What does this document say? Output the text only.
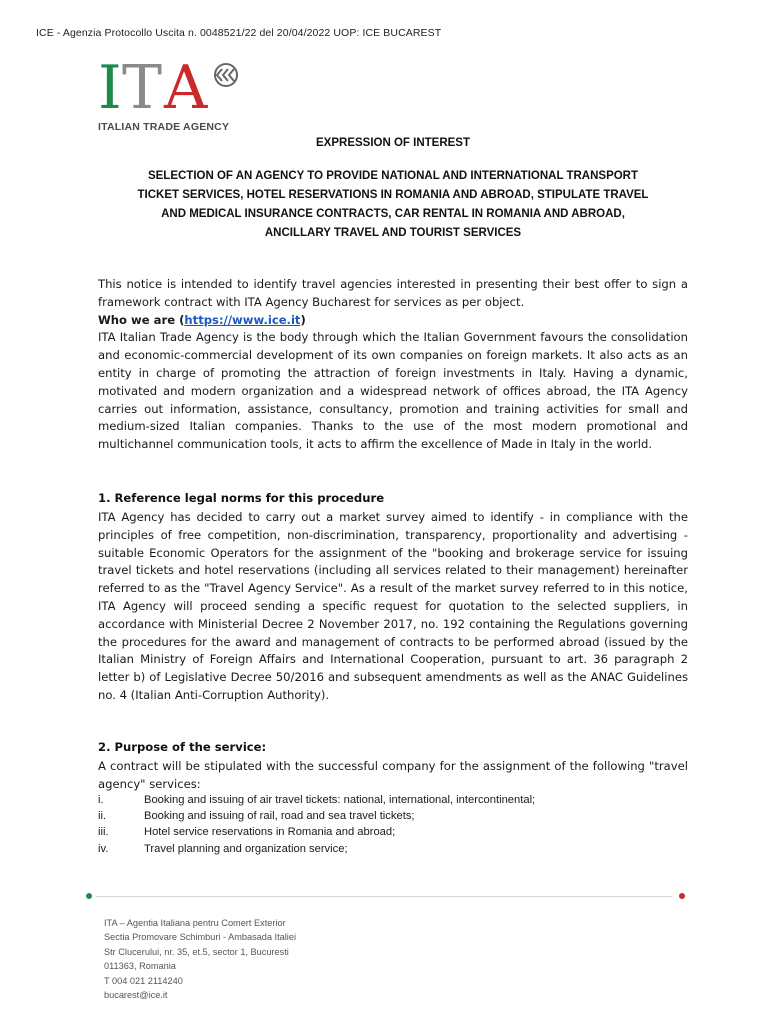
ICE - Agenzia Protocollo Uscita n. 0048521/22 del 20/04/2022 UOP: ICE BUCAREST
I T A
ITALIAN TRADE AGENCY
EXPRESSION OF INTEREST
SELECTION OF AN AGENCY TO PROVIDE NATIONAL AND INTERNATIONAL TRANSPORT
TICKET SERVICES, HOTEL RESERVATIONS IN ROMANIA AND ABROAD, STIPULATE TRAVEL
AND MEDICAL INSURANCE CONTRACTS, CAR RENTAL IN ROMANIA AND ABROAD,
ANCILLARY TRAVEL AND TOURIST SERVICES
This notice is intended to identify travel agencies interested in presenting their best offer to sign a framework contract with ITA Agency Bucharest for services as per object.
Who we are (https://www.ice.it)
ITA Italian Trade Agency is the body through which the Italian Government favours the consolidation and economic-commercial development of its own companies on foreign markets. It also acts as an entity in charge of promoting the attraction of foreign investments in Italy. Having a dynamic, motivated and modern organization and a widespread network of offices abroad, the ITA Agency carries out information, assistance, consultancy, promotion and training activities for small and medium-sized Italian companies. Thanks to the use of the most modern promotional and multichannel communication tools, it acts to affirm the excellence of Made in Italy in the world.
1. Reference legal norms for this procedure
ITA Agency has decided to carry out a market survey aimed to identify - in compliance with the principles of free competition, non-discrimination, transparency, proportionality and advertising - suitable Economic Operators for the assignment of the "booking and brokerage service for issuing travel tickets and hotel reservations (including all services related to their management) hereinafter referred to as the "Travel Agency Service". As a result of the market survey referred to in this notice, ITA Agency will proceed sending a specific request for quotation to the selected suppliers, in accordance with Ministerial Decree 2 November 2017, no. 192 containing the Regulations governing the procedures for the award and management of contracts to be performed abroad (issued by the Italian Ministry of Foreign Affairs and International Cooperation, pursuant to art. 36 paragraph 2 letter b) of Legislative Decree 50/2016 and subsequent amendments as well as the ANAC Guidelines no. 4 (Italian Anti-Corruption Authority).
2. Purpose of the service:
A contract will be stipulated with the successful company for the assignment of the following "travel agency" services:
i.	Booking and issuing of air travel tickets: national, international, intercontinental;
ii.	Booking and issuing of rail, road and sea travel tickets;
iii.	Hotel service reservations in Romania and abroad;
iv.	Travel planning and organization service;
ITA – Agentia Italiana pentru Comert Exterior
Sectia Promovare Schimburi - Ambasada Italiei
Str Clucerului, nr. 35, et.5, sector 1, Bucuresti
011363, Romania
T 004 021 2114240
bucarest@ice.it
